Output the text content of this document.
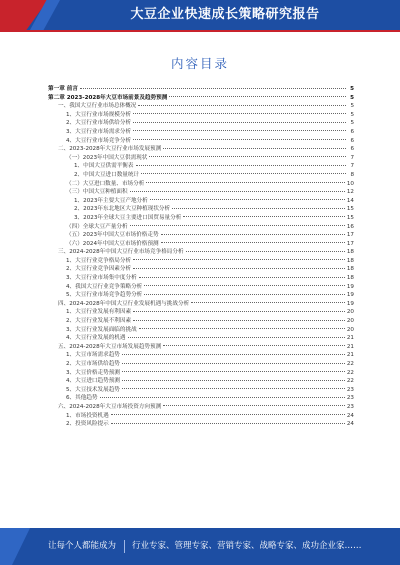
大豆企业快速成长策略研究报告
内容目录
第一章 前言	5
第二章 2023-2028年大豆市场前景及趋势预测	5
一、我国大豆行业市场总体概况	5
1、大豆行业市场规模分析	5
2、大豆行业市场供给分析	5
3、大豆行业市场需求分析	6
4、大豆行业市场竞争分析	6
二、2023-2028年大豆行业市场发展预测	6
（一）2023年中国大豆供需现状	7
1、中国大豆供需平衡表	7
2、中国大豆进口数量统计	8
（二）大豆进口数量、市场分析	10
（三）中国大豆种植面积	12
1、2023年主要大豆产地分析	14
2、2023年东北地区大豆种植现状分析	15
3、2023年全球大豆主要进口国贸易量分析	15
（四）全球大豆产量分析	16
（五）2023年中国大豆市场价格走势	17
（六）2024年中国大豆市场价格预测	17
三、2024-2028年中国大豆行业市场竞争格局分析	18
1、大豆行业竞争格局分析	18
2、大豆行业竞争因素分析	18
3、大豆行业市场集中度分析	18
4、我国大豆行业竞争策略分析	19
5、大豆行业市场竞争趋势分析	19
四、2024-2028年中国大豆行业发展机遇与挑战分析	19
1、大豆行业发展有利因素	20
2、大豆行业发展不利因素	20
3、大豆行业发展面临的挑战	20
4、大豆行业发展的机遇	21
五、2024-2028年大豆市场发展趋势预测	21
1、大豆市场需求趋势	21
2、大豆市场供给趋势	22
3、大豆价格走势预测	22
4、大豆进口趋势预测	22
5、大豆技术发展趋势	23
6、其他趋势	23
六、2024-2028年大豆市场投资方向预测	23
1、市场投资机遇	24
2、投资风险提示	24
让每个人都能成为 行业专家、管理专家、营销专家、战略专家、成功企业家……
